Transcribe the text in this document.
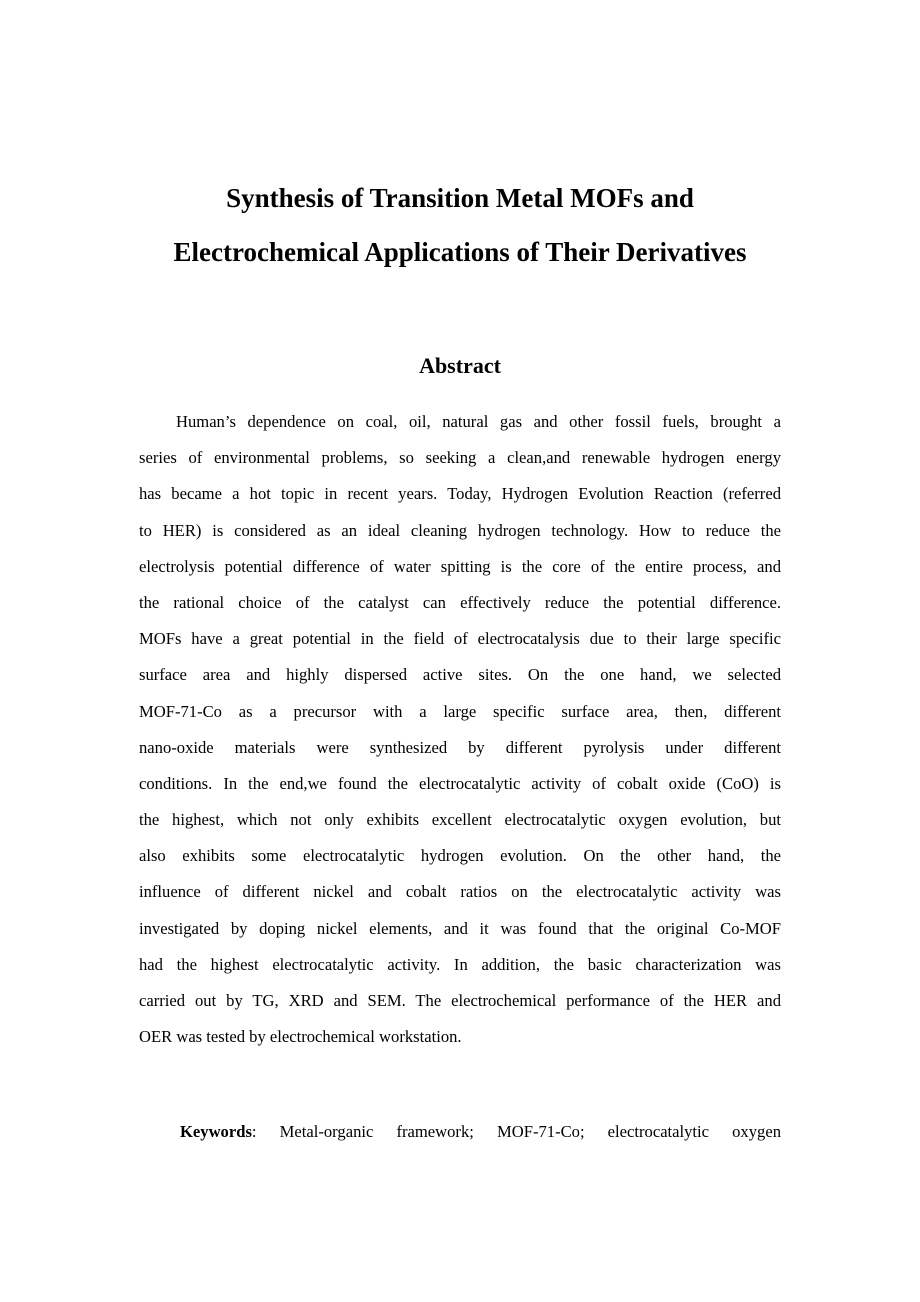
Synthesis of Transition Metal MOFs and
Electrochemical Applications of Their Derivatives
Abstract
Human’s dependence on coal, oil, natural gas and other fossil fuels, brought a
series of environmental problems, so seeking a clean,and renewable hydrogen energy
has became a hot topic in recent years. Today, Hydrogen Evolution Reaction (referred
to HER) is considered as an ideal cleaning hydrogen technology. How to reduce the
electrolysis potential difference of water spitting is the core of the entire process, and
the rational choice of the catalyst can effectively reduce the potential difference.
MOFs have a great potential in the field of electrocatalysis due to their large specific
surface area and highly dispersed active sites. On the one hand, we selected
MOF-71-Co as a precursor with a large specific surface area, then, different
nano-oxide materials were synthesized by different pyrolysis under different
conditions. In the end,we found the electrocatalytic activity of cobalt oxide (CoO) is
the highest, which not only exhibits excellent electrocatalytic oxygen evolution, but
also exhibits some electrocatalytic hydrogen evolution. On the other hand, the
influence of different nickel and cobalt ratios on the electrocatalytic activity was
investigated by doping nickel elements, and it was found that the original Co-MOF
had the highest electrocatalytic activity. In addition, the basic characterization was
carried out by TG, XRD and SEM. The electrochemical performance of the HER and
OER was tested by electrochemical workstation.

Keywords: Metal-organic framework; MOF-71-Co; electrocatalytic oxygen
